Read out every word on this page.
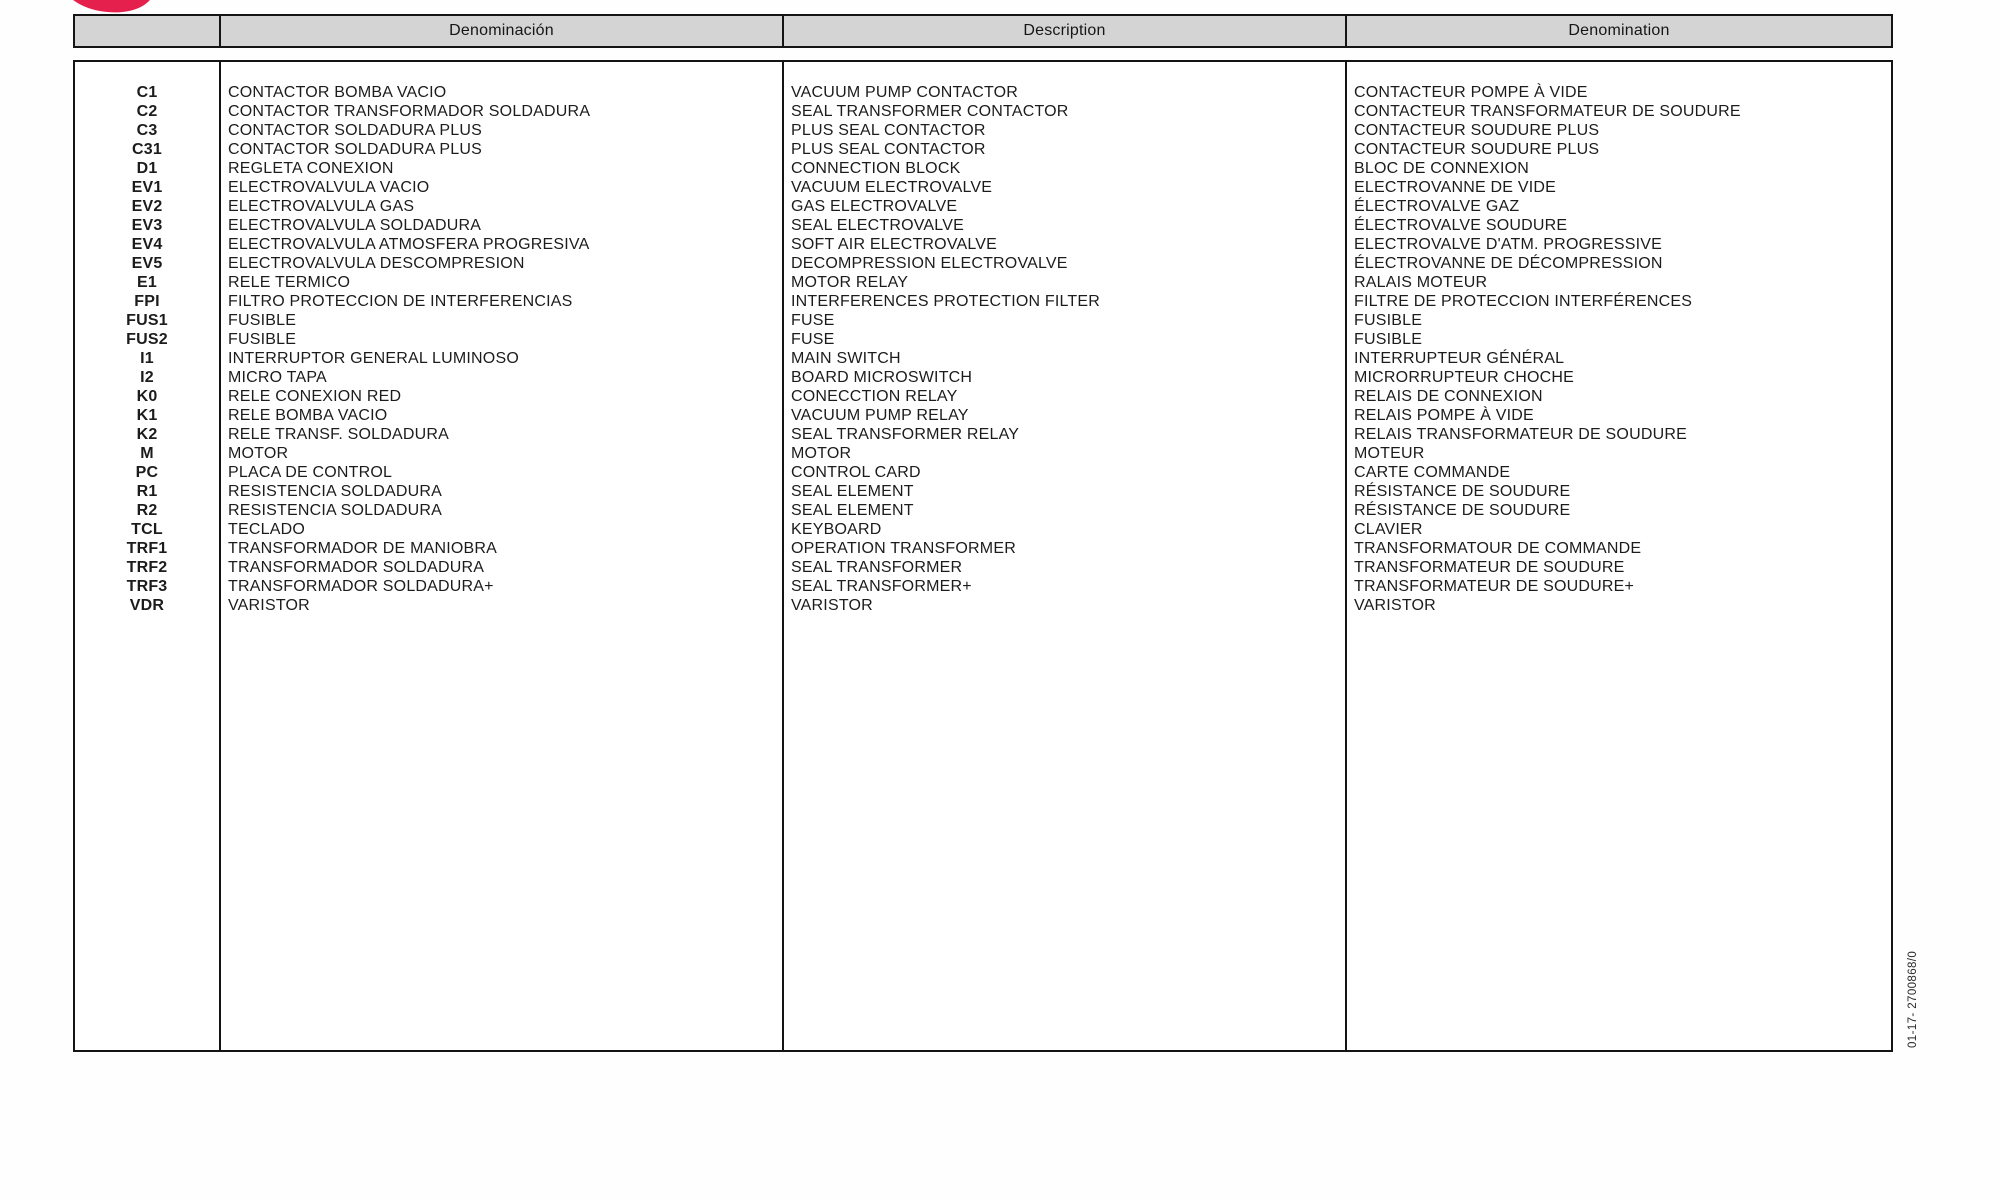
Denominación	Description	Denomination
C1
C2
C3
C31
D1
EV1
EV2
EV3
EV4
EV5
E1
FPI
FUS1
FUS2
I1
I2
K0
K1
K2
M
PC
R1
R2
TCL
TRF1
TRF2
TRF3
VDR
CONTACTOR BOMBA VACIO
CONTACTOR TRANSFORMADOR SOLDADURA
CONTACTOR SOLDADURA PLUS
CONTACTOR SOLDADURA PLUS
REGLETA CONEXION
ELECTROVALVULA VACIO
ELECTROVALVULA GAS
ELECTROVALVULA SOLDADURA
ELECTROVALVULA ATMOSFERA PROGRESIVA
ELECTROVALVULA DESCOMPRESION
RELE TERMICO
FILTRO PROTECCION DE INTERFERENCIAS
FUSIBLE
FUSIBLE
INTERRUPTOR GENERAL LUMINOSO
MICRO TAPA
RELE CONEXION RED
RELE BOMBA VACIO
RELE TRANSF. SOLDADURA
MOTOR
PLACA DE CONTROL
RESISTENCIA SOLDADURA
RESISTENCIA SOLDADURA
TECLADO
TRANSFORMADOR DE MANIOBRA
TRANSFORMADOR SOLDADURA
TRANSFORMADOR SOLDADURA+
VARISTOR
VACUUM PUMP CONTACTOR
SEAL TRANSFORMER CONTACTOR
PLUS SEAL CONTACTOR
PLUS SEAL CONTACTOR
CONNECTION BLOCK
VACUUM ELECTROVALVE
GAS ELECTROVALVE
SEAL ELECTROVALVE
SOFT AIR ELECTROVALVE
DECOMPRESSION ELECTROVALVE
MOTOR RELAY
INTERFERENCES PROTECTION FILTER
FUSE
FUSE
MAIN SWITCH
BOARD MICROSWITCH
CONECCTION RELAY
VACUUM PUMP RELAY
SEAL TRANSFORMER RELAY
MOTOR
CONTROL CARD
SEAL ELEMENT
SEAL ELEMENT
KEYBOARD
OPERATION TRANSFORMER
SEAL TRANSFORMER
SEAL TRANSFORMER+
VARISTOR
CONTACTEUR POMPE À VIDE
CONTACTEUR TRANSFORMATEUR DE SOUDURE
CONTACTEUR SOUDURE PLUS
CONTACTEUR SOUDURE PLUS
BLOC DE CONNEXION
ELECTROVANNE DE VIDE
ÉLECTROVALVE GAZ
ÉLECTROVALVE SOUDURE
ELECTROVALVE D'ATM. PROGRESSIVE
ÉLECTROVANNE DE DÉCOMPRESSION
RALAIS MOTEUR
FILTRE DE PROTECCION INTERFÉRENCES
FUSIBLE
FUSIBLE
INTERRUPTEUR GÉNÉRAL
MICRORRUPTEUR CHOCHE
RELAIS DE CONNEXION
RELAIS POMPE À VIDE
RELAIS TRANSFORMATEUR DE SOUDURE
MOTEUR
CARTE COMMANDE
RÉSISTANCE DE SOUDURE
RÉSISTANCE DE SOUDURE
CLAVIER
TRANSFORMATOUR DE COMMANDE
TRANSFORMATEUR DE SOUDURE
TRANSFORMATEUR DE SOUDURE+
VARISTOR
01-17- 2700868/0
